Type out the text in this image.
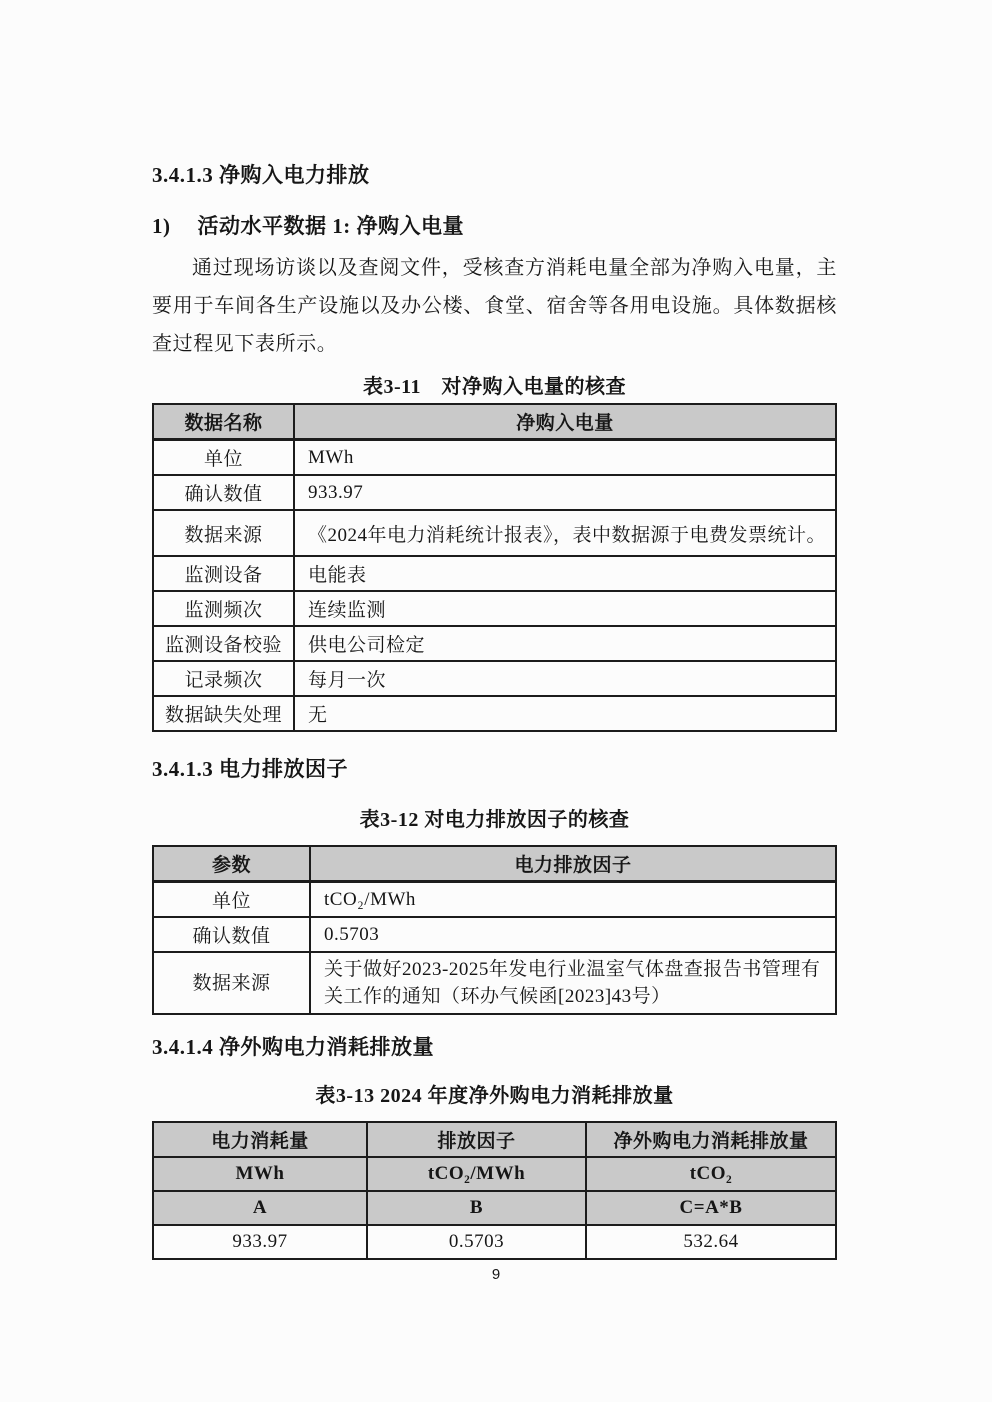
3.4.1.3 净购入电力排放
1) 活动水平数据 1: 净购入电量
通过现场访谈以及查阅文件，受核查方消耗电量全部为净购入电量，主要用于车间各生产设施以及办公楼、食堂、宿舍等各用电设施。具体数据核查过程见下表所示。
表3-11　对净购入电量的核查
数据名称	净购入电量
单位	MWh
确认数值	933.97
数据来源	《2024年电力消耗统计报表》，表中数据源于电费发票统计。
监测设备	电能表
监测频次	连续监测
监测设备校验	供电公司检定
记录频次	每月一次
数据缺失处理	无
3.4.1.3 电力排放因子
表3-12 对电力排放因子的核查
参数	电力排放因子
单位	tCO₂/MWh
确认数值	0.5703
数据来源	关于做好2023-2025年发电行业温室气体盘查报告书管理有关工作的通知（环办气候函[2023]43号）
3.4.1.4 净外购电力消耗排放量
表3-13 2024 年度净外购电力消耗排放量
电力消耗量	排放因子	净外购电力消耗排放量
MWh	tCO₂/MWh	tCO₂
A	B	C=A*B
933.97	0.5703	532.64
9
